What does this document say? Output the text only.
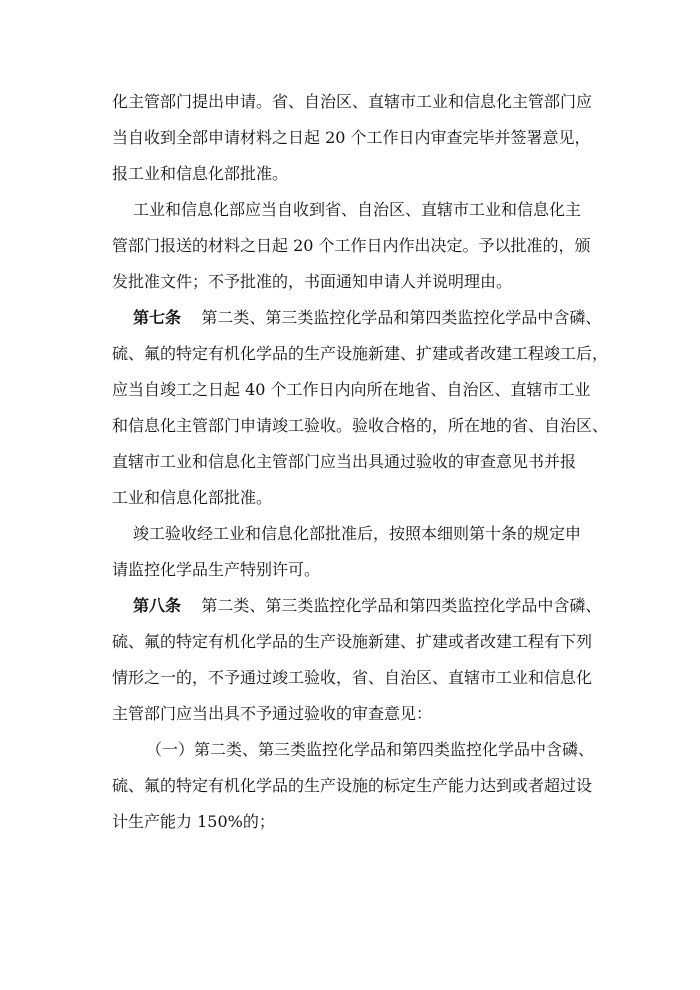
化主管部门提出申请。省、自治区、直辖市工业和信息化主管部门应
当自收到全部申请材料之日起 20 个工作日内审查完毕并签署意见，
报工业和信息化部批准。
工业和信息化部应当自收到省、自治区、直辖市工业和信息化主
管部门报送的材料之日起 20 个工作日内作出决定。予以批准的，颁
发批准文件；不予批准的，书面通知申请人并说明理由。
第七条 第二类、第三类监控化学品和第四类监控化学品中含磷、
硫、氟的特定有机化学品的生产设施新建、扩建或者改建工程竣工后，
应当自竣工之日起 40 个工作日内向所在地省、自治区、直辖市工业
和信息化主管部门申请竣工验收。验收合格的，所在地的省、自治区、
直辖市工业和信息化主管部门应当出具通过验收的审查意见书并报
工业和信息化部批准。
竣工验收经工业和信息化部批准后，按照本细则第十条的规定申
请监控化学品生产特别许可。
第八条 第二类、第三类监控化学品和第四类监控化学品中含磷、
硫、氟的特定有机化学品的生产设施新建、扩建或者改建工程有下列
情形之一的，不予通过竣工验收，省、自治区、直辖市工业和信息化
主管部门应当出具不予通过验收的审查意见：
（一）第二类、第三类监控化学品和第四类监控化学品中含磷、
硫、氟的特定有机化学品的生产设施的标定生产能力达到或者超过设
计生产能力 150%的；
